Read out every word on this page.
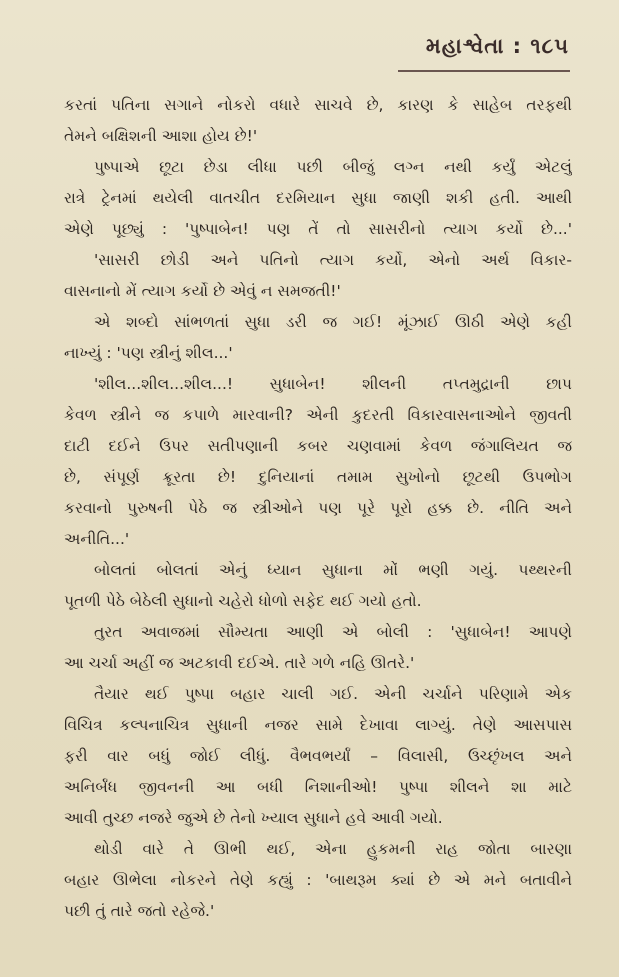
મહાશ્વેતા : ૧૮૫
કરતાં પતિના સગાને નોકરો વધારે સાચવે છે, કારણ કે સાહેબ તરફથી
તેમને બક્ષિશની આશા હોય છે!'
પુષ્પાએ છૂટા છેડા લીધા પછી બીજું લગ્ન નથી કર્યું એટલું
રાત્રે ટ્રેનમાં થયેલી વાતચીત દરમિયાન સુધા જાણી શકી હતી. આથી
એણે પૂછ્યું : 'પુષ્પાબેન! પણ તેં તો સાસરીનો ત્યાગ કર્યો છે...'
'સાસરી છોડી અને પતિનો ત્યાગ કર્યો, એનો અર્થ વિકાર-
વાસનાનો મેં ત્યાગ કર્યો છે એવું ન સમજતી!'
એ શબ્દો સાંભળતાં સુધા ડરી જ ગઈ! મૂંઝાઈ ઊઠી એણે કહી
નાખ્યું : 'પણ સ્ત્રીનું શીલ...'
'શીલ...શીલ...શીલ...! સુધાબેન! શીલની તપ્તમુદ્રાની છાપ
કેવળ સ્ત્રીને જ કપાળે મારવાની? એની કુદરતી વિકારવાસનાઓને જીવતી
દાટી દઈને ઉપર સતીપણાની કબર ચણવામાં કેવળ જંગાલિયત જ
છે, સંપૂર્ણ ક્રૂરતા છે! દુનિયાનાં તમામ સુખોનો છૂટથી ઉપભોગ
કરવાનો પુરુષની પેઠે જ સ્ત્રીઓને પણ પૂરે પૂરો હક્ક છે. નીતિ અને
અનીતિ...'
બોલતાં બોલતાં એનું ધ્યાન સુધાના મોં ભણી ગયું. પથ્થરની
પૂતળી પેઠે બેઠેલી સુધાનો ચહેરો ધોળો સફેદ થઈ ગયો હતો.
તુરત અવાજમાં સૌમ્યતા આણી એ બોલી : 'સુધાબેન! આપણે
આ ચર્ચા અહીં જ અટકાવી દઈએ. તારે ગળે નહિ ઊતરે.'
તૈયાર થઈ પુષ્પા બહાર ચાલી ગઈ. એની ચર્ચાને પરિણામે એક
વિચિત્ર કલ્પનાચિત્ર સુધાની નજર સામે દેખાવા લાગ્યું. તેણે આસપાસ
ફરી વાર બધું જોઈ લીધું. વૈભવભર્યાં – વિલાસી, ઉચ્છૃંખલ અને
અનિર્બંધ જીવનની આ બધી નિશાનીઓ! પુષ્પા શીલને શા માટે
આવી તુચ્છ નજરે જુએ છે તેનો ખ્યાલ સુધાને હવે આવી ગયો.
થોડી વારે તે ઊભી થઈ, એના હુકમની રાહ જોતા બારણા
બહાર ઊભેલા નોકરને તેણે કહ્યું : 'બાથરૂમ ક્યાં છે એ મને બતાવીને
પછી તું તારે જતો રહેજે.'
